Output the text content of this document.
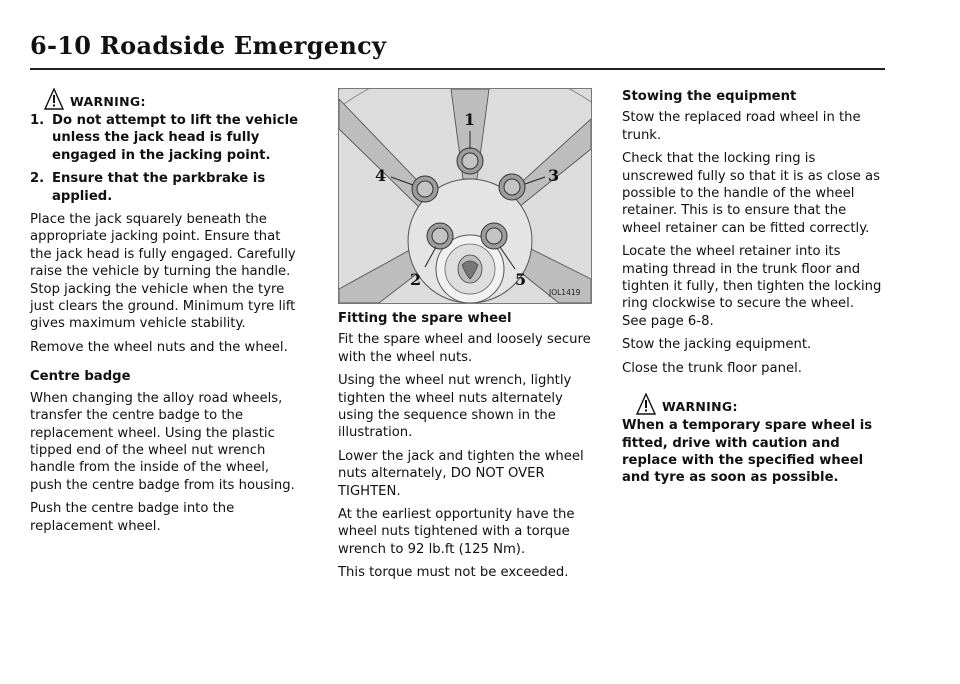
6-10 Roadside Emergency
WARNING:
1. Do not attempt to lift the vehicle unless the jack head is fully engaged in the jacking point.
2. Ensure that the parkbrake is applied.

Place the jack squarely beneath the appropriate jacking point. Ensure that the jack head is fully engaged. Carefully raise the vehicle by turning the handle.

Stop jacking the vehicle when the tyre just clears the ground. Minimum tyre lift gives maximum vehicle stability.

Remove the wheel nuts and the wheel.

Centre badge

When changing the alloy road wheels, transfer the centre badge to the replacement wheel. Using the plastic tipped end of the wheel nut wrench handle from the inside of the wheel, push the centre badge from its housing.

Push the centre badge into the replacement wheel.

1
4	3
2	5
JOL1419
Fitting the spare wheel

Fit the spare wheel and loosely secure with the wheel nuts.

Using the wheel nut wrench, lightly tighten the wheel nuts alternately using the sequence shown in the illustration.

Lower the jack and tighten the wheel nuts alternately, DO NOT OVER TIGHTEN.

At the earliest opportunity have the wheel nuts tightened with a torque wrench to 92 lb.ft (125 Nm).

This torque must not be exceeded.

Stowing the equipment

Stow the replaced road wheel in the trunk.

Check that the locking ring is unscrewed fully so that it is as close as possible to the handle of the wheel retainer. This is to ensure that the wheel retainer can be fitted correctly.

Locate the wheel retainer into its mating thread in the trunk floor and tighten it fully, then tighten the locking ring clockwise to secure the wheel.

See page 6-8.

Stow the jacking equipment.

Close the trunk floor panel.

WARNING:

When a temporary spare wheel is fitted, drive with caution and replace with the specified wheel and tyre as soon as possible.
